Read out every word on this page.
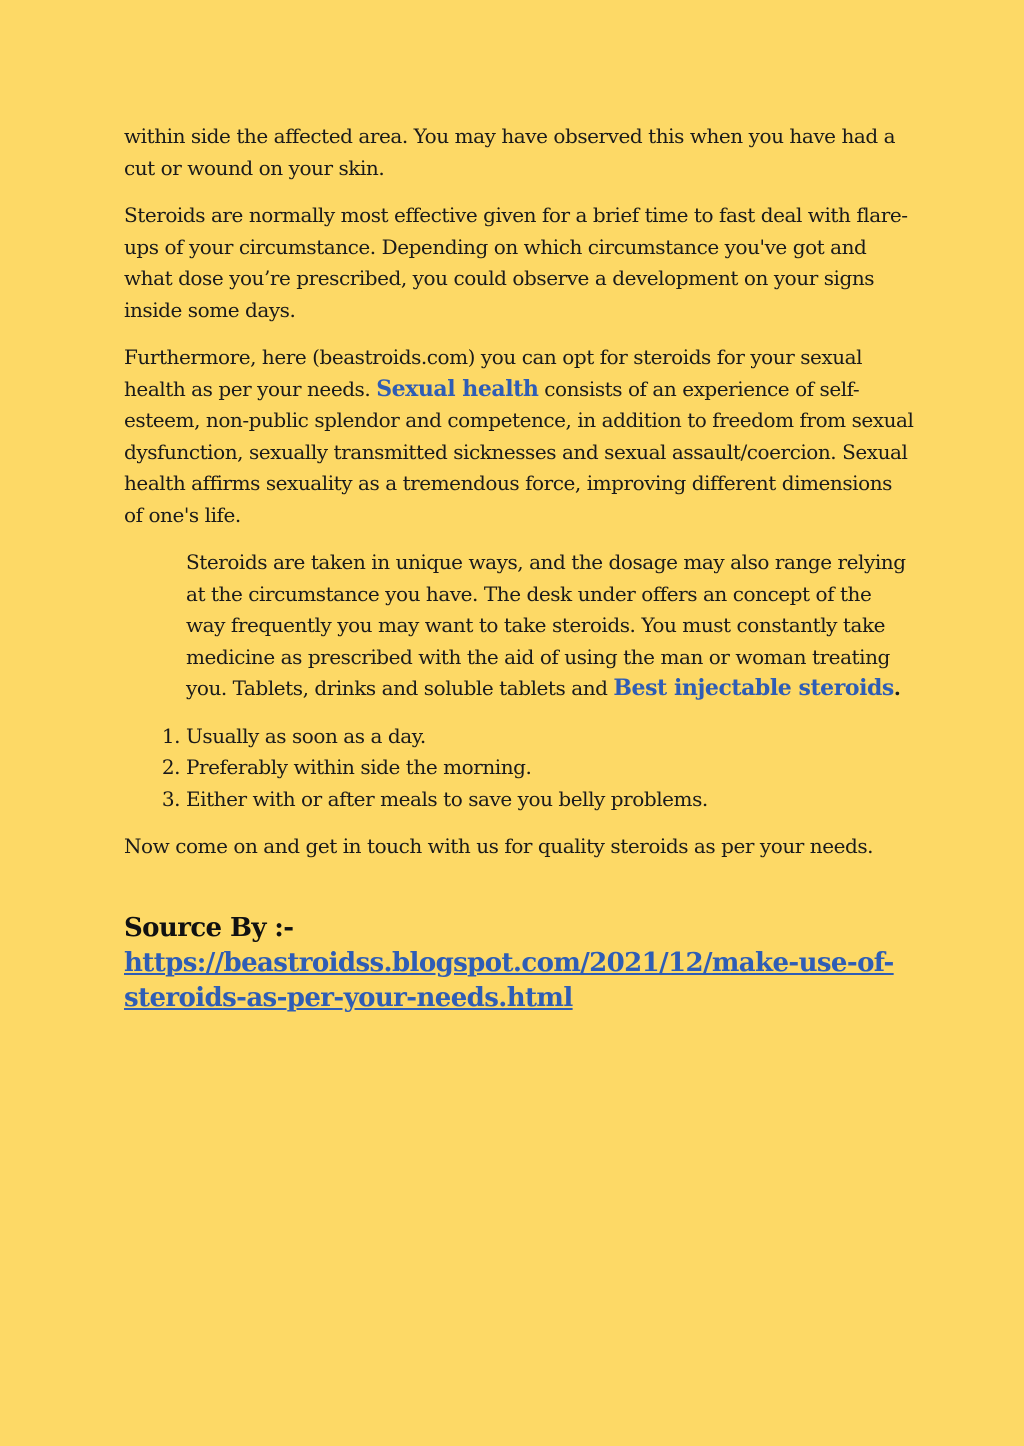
within side the affected area. You may have observed this when you have had a cut or wound on your skin.

Steroids are normally most effective given for a brief time to fast deal with flare-ups of your circumstance. Depending on which circumstance you've got and what dose you’re prescribed, you could observe a development on your signs inside some days.

Furthermore, here (beastroids.com) you can opt for steroids for your sexual health as per your needs. Sexual health consists of an experience of self-esteem, non-public splendor and competence, in addition to freedom from sexual dysfunction, sexually transmitted sicknesses and sexual assault/coercion. Sexual health affirms sexuality as a tremendous force, improving different dimensions of one's life.

Steroids are taken in unique ways, and the dosage may also range relying at the circumstance you have. The desk under offers an concept of the way frequently you may want to take steroids. You must constantly take medicine as prescribed with the aid of using the man or woman treating you. Tablets, drinks and soluble tablets and Best injectable steroids.

1. Usually as soon as a day.
2. Preferably within side the morning.
3. Either with or after meals to save you belly problems.

Now come on and get in touch with us for quality steroids as per your needs.

Source By :-
https://beastroidss.blogspot.com/2021/12/make-use-of-steroids-as-per-your-needs.html
